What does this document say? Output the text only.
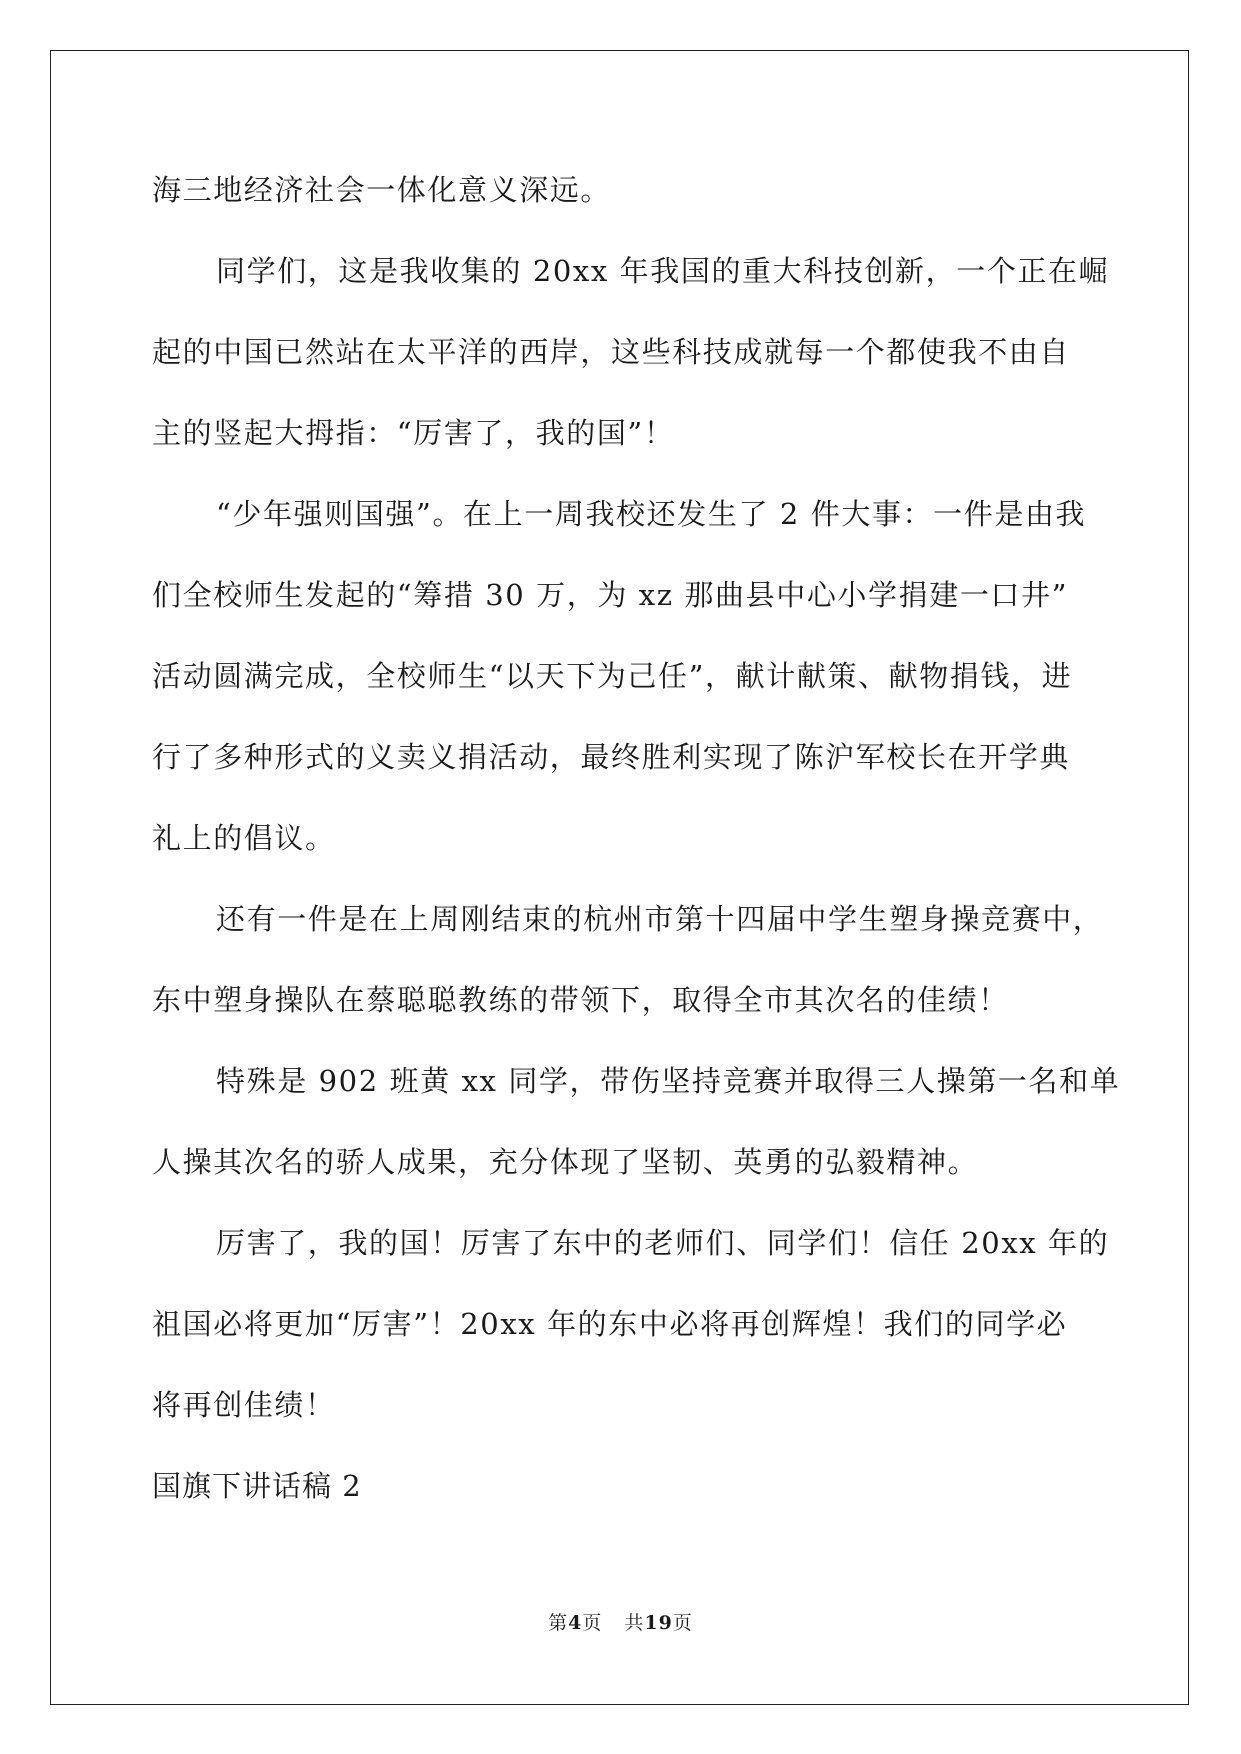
海三地经济社会一体化意义深远。
同学们，这是我收集的 20xx 年我国的重大科技创新，一个正在崛
起的中国已然站在太平洋的西岸，这些科技成就每一个都使我不由自
主的竖起大拇指：“厉害了，我的国”！
“少年强则国强”。在上一周我校还发生了 2 件大事：一件是由我
们全校师生发起的“筹措 30 万，为 xz 那曲县中心小学捐建一口井”
活动圆满完成，全校师生“以天下为己任”，献计献策、献物捐钱，进
行了多种形式的义卖义捐活动，最终胜利实现了陈沪军校长在开学典
礼上的倡议。
还有一件是在上周刚结束的杭州市第十四届中学生塑身操竞赛中，
东中塑身操队在蔡聪聪教练的带领下，取得全市其次名的佳绩！
特殊是 902 班黄 xx 同学，带伤坚持竞赛并取得三人操第一名和单
人操其次名的骄人成果，充分体现了坚韧、英勇的弘毅精神。
厉害了，我的国！厉害了东中的老师们、同学们！信任 20xx 年的
祖国必将更加“厉害”！20xx 年的东中必将再创辉煌！我们的同学必
将再创佳绩！
国旗下讲话稿 2
第4页 共19页
